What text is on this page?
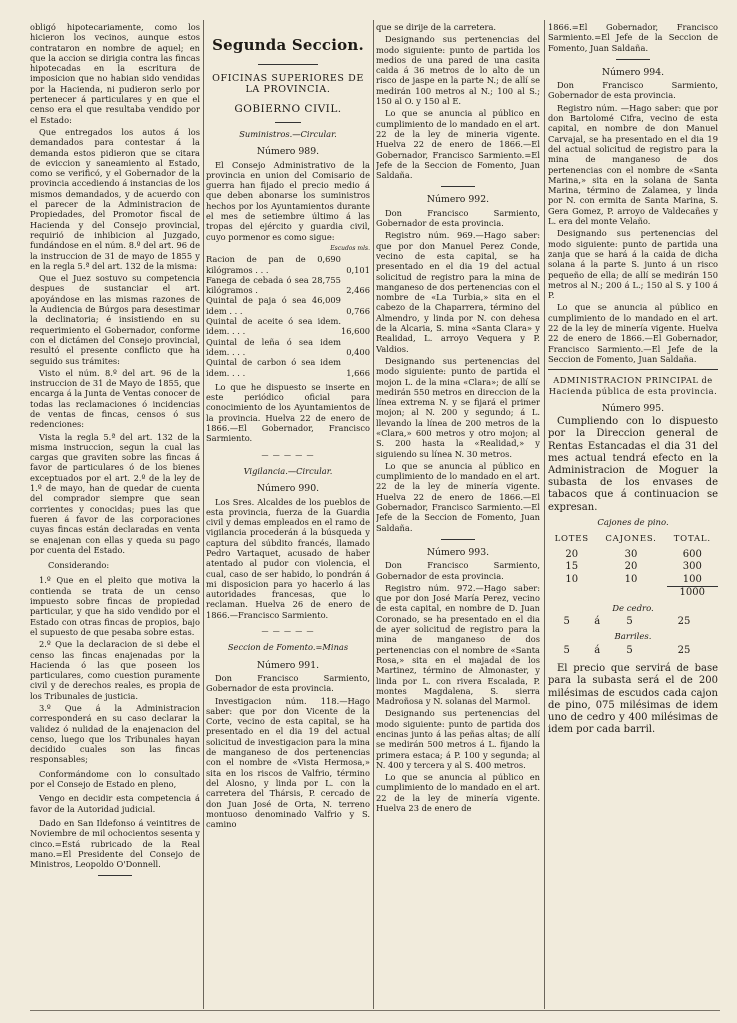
obligó hipotecariamente, como los hicieron los vecinos, aunque estos contrataron en nombre de aquel; en que la accion se dirigia contra las fincas hipotecadas en la escritura de imposicion que no habian sido vendidas por la Hacienda, ni pudieron serlo por pertenecer á particulares y en que el censo era el que resultaba vendido por el Estado:

Que entregados los autos á los demandados para contestar á la demanda estos pidieron que se citara de eviccion y saneamiento al Estado, como se verificó, y el Gobernador de la provincia accediendo á instancias de los mismos demandados, y de acuerdo con el parecer de la Administracion de Propiedades, del Promotor fiscal de Hacienda y del Consejo provincial, requirió de inhibicion al Juzgado, fundándose en el núm. 8.º del art. 96 de la instruccion de 31 de mayo de 1855 y en la regla 5.ª del art. 132 de la misma:

Que el Juez sostuvo su competencia despues de sustanciar el art. apoyándose en las mismas razones de la Audiencia de Búrgos para desestimar la declinatoria; é insistiendo en su requerimiento el Gobernador, conforme con el dictámen del Consejo provincial, resultó el presente conflicto que ha seguido sus trámites:

Visto el núm. 8.º del art. 96 de la instruccion de 31 de Mayo de 1855, que encarga á la Junta de Ventas conocer de todas las reclamaciones ó incidencias de ventas de fincas, censos ó sus redenciones:

Vista la regla 5.ª del art. 132 de la misma instruccion, segun la cual las cargas que graviten sobre las fincas á favor de particulares ó de los bienes exceptuados por el art. 2.º de la ley de 1.º de mayo, han de quedar de cuenta del comprador siempre que sean corrientes y conocidas; pues las que fueren á favor de las corporaciones cuyas fincas están declaradas en venta se enajenan con ellas y queda su pago por cuenta del Estado.

Considerando:

1.º Que en el pleito que motiva la contienda se trata de un censo impuesto sobre fincas de propiedad particular, y que ha sido vendido por el Estado con otras fincas de propios, bajo el supuesto de que pesaba sobre estas.

2.º Que la declaracion de si debe el censo las fincas enajenadas por la Hacienda ó las que poseen los particulares, como cuestion puramente civil y de derechos reales, es propia de los Tribunales de justicia.

3.º Que á la Administracion corresponderá en su caso declarar la validez ó nulidad de la enajenacion del censo, luego que los Tribunales hayan decidido cuales son las fincas responsables;

Conformándome con lo consultado por el Consejo de Estado en pleno,

Vengo en decidir esta competencia á favor de la Autoridad judicial.

Dado en San Ildefonso á veintitres de Noviembre de mil ochocientos sesenta y cinco.=Está rubricado de la Real mano.=El Presidente del Consejo de Ministros, Leopoldo O'Donnell.

Segunda Seccion.
OFICINAS SUPERIORES DE LA PROVINCIA.
GOBIERNO CIVIL.
Suministros.—Circular.
Número 989.

El Consejo Administrativo de la provincia en union del Comisario de guerra han fijado el precio medio á que deben abonarse los suministros hechos por los Ayuntamientos durante el mes de setiembre último á las tropas del ejército y guardia civil, cuyo pormenor es como sigue:

Escudos mls.
Racion de pan de 0,690 kilógramos . . .	0,101
Fanega de cebada ó sea 28,755 kilógramos .	2,466
Quintal de paja ó sea 46,009 idem . . .	0,766
Quintal de aceite ó sea idem. idem. . . .	16,600
Quintal de leña ó sea idem idem. . . .	0,400
Quintal de carbon ó sea idem idem. . . .	1,666

Lo que he dispuesto se inserte en este periódico oficial para conocimiento de los Ayuntamientos de la provincia. Huelva 22 de enero de 1866.—El Gobernador, Francisco Sarmiento.

— — — — —
Vigilancia.—Circular.
Número 990.

Los Sres. Alcaldes de los pueblos de esta provincia, fuerza de la Guardia civil y demas empleados en el ramo de vigilancia procederán á la búsqueda y captura del súbdito francés, llamado Pedro Vartaquet, acusado de haber atentado al pudor con violencia, el cual, caso de ser habido, lo pondrán á mi disposicion para yo hacerlo á las autoridades francesas, que lo reclaman. Huelva 26 de enero de 1866.—Francisco Sarmiento.

— — — — —
Seccion de Fomento.=Minas
Número 991.

Don Francisco Sarmiento, Gobernador de esta provincia.

Investigacion núm. 118.—Hago saber: que por don Vicente de la Corte, vecino de esta capital, se ha presentado en el dia 19 del actual solicitud de investigacion para la mina de manganeso de dos pertenencias con el nombre de «Vista Hermosa,» sita en los riscos de Valfrio, término del Alosno, y linda por L. con la carretera del Thársis, P. cercado de don Juan José de Orta, N. terreno montuoso denominado Valfrio y S. camino

que se dirije de la carretera.

Designando sus pertenencias del modo siguiente: punto de partida los medios de una pared de una casita caida á 36 metros de lo alto de un risco de jaspe en la parte N.; de allí se medirán 100 metros al N.; 100 al S.; 150 al O. y 150 al E.

Lo que se anuncia al público en cumplimiento de lo mandado en el art. 22 de la ley de mineria vigente. Huelva 22 de enero de 1866.—El Gobernador, Francisco Sarmiento.=El Jefe de la Seccion de Fomento, Juan Saldaña.

Número 992.

Don Francisco Sarmiento, Gobernador de esta provincia.

Registro núm. 969.—Hago saber: que por don Manuel Perez Conde, vecino de esta capital, se ha presentado en el dia 19 del actual solicitud de registro para la mina de manganeso de dos pertenencias con el nombre de «La Turbia,» sita en el cabezo de la Chaparrera, término del Almendro, y linda por N. con dehesa de la Alcaria, S. mina «Santa Clara» y Realidad, L. arroyo Vequera y P. Valdios.

Designando sus pertenencias del modo siguiente: punto de partida el mojon L. de la mina «Clara»; de allí se medirán 550 metros en direccion de la línea extrema N. y se fijará el primer mojon; al N. 200 y segundo; á L. llevando la línea de 200 metros de la «Clara,» 600 metros y otro mojon; al S. 200 hasta la «Realidad,» y siguiendo su línea N. 30 metros.

Lo que se anuncia al público en cumplimiento de lo mandado en el art. 22 de la ley de minería vigente. Huelva 22 de enero de 1866.—El Gobernador, Francisco Sarmiento.—El Jefe de la Seccion de Fomento, Juan Saldaña.

Número 993.

Don Francisco Sarmiento, Gobernador de esta provincia.

Registro núm. 972.—Hago saber: que por don José María Perez, vecino de esta capital, en nombre de D. Juan Coronado, se ha presentado en el dia de ayer solicitud de registro para la mina de manganeso de dos pertenencias con el nombre de «Santa Rosa,» sita en el majadal de los Martinez, término de Almonaster, y linda por L. con rivera Escalada, P. montes Magdalena, S. sierra Madroñosa y N. solanas del Marmol.

Designando sus pertenencias del modo siguiente: punto de partida dos encinas junto á las peñas altas; de allí se medirán 500 metros á L. fijando la primera estaca; á P. 100 y segunda; al N. 400 y tercera y al S. 400 metros.

Lo que se anuncia al público en cumplimiento de lo mandado en el art. 22 de la ley de minería vigente. Huelva 23 de enero de

1866.=El Gobernador, Francisco Sarmiento.=El Jefe de la Seccion de Fomento, Juan Saldaña.

Número 994.

Don Francisco Sarmiento, Gobernador de esta provincia.

Registro núm. —Hago saber: que por don Bartolomé Cifra, vecino de esta capital, en nombre de don Manuel Carvajal, se ha presentado en el dia 19 del actual solicitud de registro para la mina de manganeso de dos pertenencias con el nombre de «Santa Marina,» sita en la solana de Santa Marina, término de Zalamea, y linda por N. con ermita de Santa Marina, S. Gera Gomez, P. arroyo de Valdecañes y L. era del monte Velaño.

Designando sus pertenencias del modo siguiente: punto de partida una zanja que se hará á la caida de dicha solana á la parte S. junto á un risco pequeño de ella; de allí se medirán 150 metros al N.; 200 á L.; 150 al S. y 100 á P.

Lo que se anuncia al público en cumplimiento de lo mandado en el art. 22 de la ley de minería vigente. Huelva 22 de enero de 1866.—El Gobernador, Francisco Sarmiento.—El Jefe de la Seccion de Fomento, Juan Saldaña.

ADMINISTRACION PRINCIPAL de Hacienda pública de esta provincia.
Número 995.

Cumpliendo con lo dispuesto por la Direccion general de Rentas Estancadas el dia 31 del mes actual tendrá efecto en la Administracion de Moguer la subasta de los envases de tabacos que á continuacion se expresan.

Cajones de pino.
LOTES	CAJONES.	TOTAL.
20	30	600
15	20	300
10	10	100
		1000
De cedro.
5	á	5	25
Barriles.
5	á	5	25

El precio que servirá de base para la subasta será el de 200 milésimas de escudos cada cajon de pino, 075 milésimas de idem uno de cedro y 400 milésimas de idem por cada barril.
